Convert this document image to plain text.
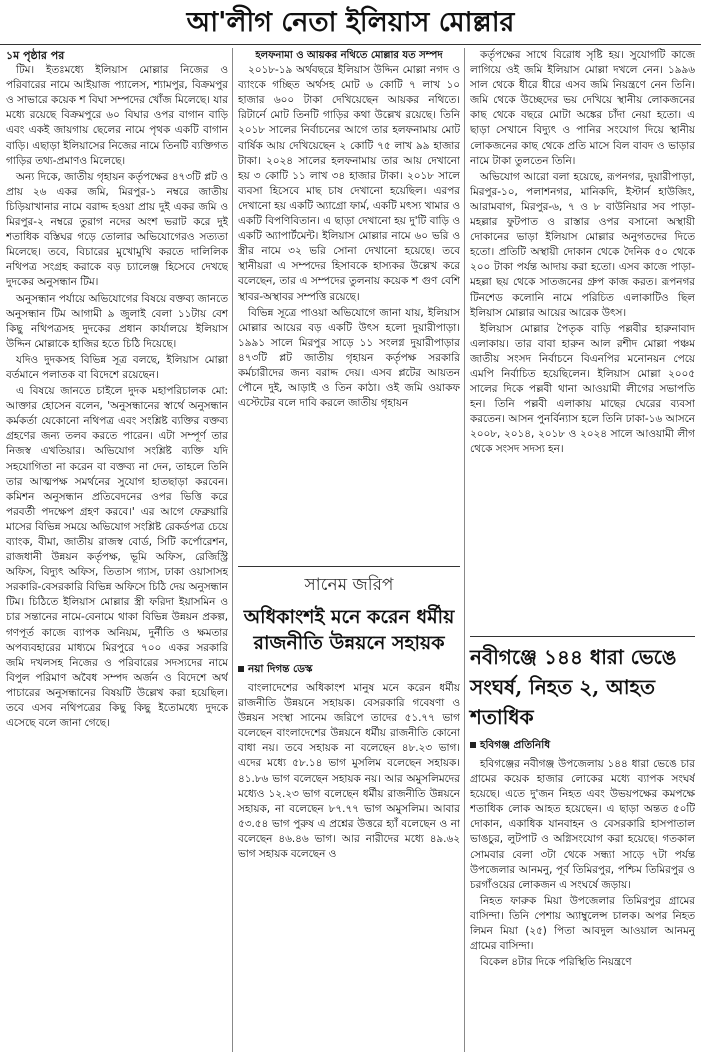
আ'লীগ নেতা ইলিয়াস মোল্লার
১ম পৃষ্ঠার পর

টিম। ইতঃমধ্যে ইলিয়াস মোল্লার নিজের ও পরিবারের নামে আইয়াজ প্যালেস, শ্যামপুর, বিক্রমপুর ও সাভারে কয়েক শ বিঘা সম্পদের খোঁজ মিলেছে। যার মধ্যে রয়েছে বিক্রমপুরে ৬০ বিঘার ওপর বাগান বাড়ি এবং একই জায়গায় ছেলের নামে পৃথক একটি বাগান বাড়ি। এছাড়া ইলিয়াসের নিজের নামে তিনটি ব্যক্তিগত গাড়ির তথ্য-প্রমাণও মিলেছে।

অন্য দিকে, জাতীয় গৃহায়ন কর্তৃপক্ষের ৪৭৩টি প্লট ও প্রায় ২৬ একর জমি, মিরপুর-১ নম্বরে জাতীয় চিড়িয়াখানার নামে বরাদ্দ হওয়া প্রায় দুই একর জমি ও মিরপুর-২ নম্বরে তুরাগ নদের অংশ ভরাট করে দুই শতাধিক বস্তিঘর গড়ে তোলার অভিযোগেরও সত্যতা মিলেছে। তবে, বিচারের মুখোমুখি করতে দালিলিক নথিপত্র সংগ্রহ করাকে বড় চ্যালেঞ্জ হিসেবে দেখছে দুদকের অনুসন্ধান টিম।

অনুসন্ধান পর্যায়ে অভিযোগের বিষয়ে বক্তব্য জানতে অনুসন্ধান টিম আগামী ৯ জুলাই বেলা ১১টায় বেশ কিছু নথিপত্রসহ দুদকের প্রধান কার্যালয়ে ইলিয়াস উদ্দিন মোল্লাকে হাজির হতে চিঠি দিয়েছে।

যদিও দুদকসহ বিভিন্ন সূত্র বলছে, ইলিয়াস মোল্লা বর্তমানে পলাতক বা বিদেশে রয়েছেন।

এ বিষয়ে জানতে চাইলে দুদক মহাপরিচালক মো: আক্তার হোসেন বলেন, 'অনুসন্ধানের স্বার্থে অনুসন্ধান কর্মকর্তা যেকোনো নথিপত্র এবং সংশ্লিষ্ট ব্যক্তির বক্তব্য গ্রহণের জন্য তলব করতে পারেন। এটা সম্পূর্ণ তার নিজস্ব এখতিয়ার। অভিযোগ সংশ্লিষ্ট ব্যক্তি যদি সহযোগিতা না করেন বা বক্তব্য না দেন, তাহলে তিনি তার আত্মপক্ষ সমর্থনের সুযোগ হাতছাড়া করবেন। কমিশন অনুসন্ধান প্রতিবেদনের ওপর ভিত্তি করে পরবর্তী পদক্ষেপ গ্রহণ করবে।' এর আগে ফেব্রুয়ারি মাসের বিভিন্ন সময়ে অভিযোগ সংশ্লিষ্ট রেকর্ডপত্র চেয়ে ব্যাংক, বীমা, জাতীয় রাজস্ব বোর্ড, সিটি কর্পোরেশন, রাজধানী উন্নয়ন কর্তৃপক্ষ, ভূমি অফিস, রেজিস্ট্রি অফিস, বিদ্যুৎ অফিস, তিতাস গ্যাস, ঢাকা ওয়াসাসহ সরকারি-বেসরকারি বিভিন্ন অফিসে চিঠি দেয় অনুসন্ধান টিম। চিঠিতে ইলিয়াস মোল্লার স্ত্রী ফরিদা ইয়াসমিন ও চার সন্তানের নামে-বেনামে থাকা বিভিন্ন উন্নয়ন প্রকল্প, গণপূর্ত কাজে ব্যাপক অনিয়ম, দুর্নীতি ও ক্ষমতার অপব্যবহারের মাধ্যমে মিরপুরে ৭০০ একর সরকারি জমি দখলসহ নিজের ও পরিবারের সদস্যদের নামে বিপুল পরিমাণ অবৈধ সম্পদ অর্জন ও বিদেশে অর্থ পাচারের অনুসন্ধানের বিষয়টি উল্লেখ করা হয়েছিল। তবে এসব নথিপত্রের কিছু কিছু ইতোমধ্যে দুদকে এসেছে বলে জানা গেছে।

হলফনামা ও আয়কর নথিতে মোল্লার যত সম্পদ

২০১৮-১৯ অর্থবছরে ইলিয়াস উদ্দিন মোল্লা নগদ ও ব্যাংকে গচ্ছিত অর্থসহ মোট ৬ কোটি ৭ লাখ ১০ হাজার ৬০০ টাকা দেখিয়েছেন আয়কর নথিতে। রিটার্নে মোট তিনটি গাড়ির কথা উল্লেখ রয়েছে। তিনি ২০১৮ সালের নির্বাচনের আগে তার হলফনামায় মোট বার্ষিক আয় দেখিয়েছেন ২ কোটি ৭৫ লাখ ৯৯ হাজার টাকা। ২০২৪ সালের হলফনামায় তার আয় দেখানো হয় ৩ কোটি ১১ লাখ ৩৪ হাজার টাকা। ২০১৮ সালে ব্যবসা হিসেবে মাছ চাষ দেখানো হয়েছিল। এরপর দেখানো হয় একটি অ্যাগ্রো ফার্ম, একটি মৎস্য খামার ও একটি বিপণিবিতান। এ ছাড়া দেখানো হয় দু'টি বাড়ি ও একটি অ্যাপার্টমেন্ট। ইলিয়াস মোল্লার নামে ৬০ ভরি ও স্ত্রীর নামে ৩২ ভরি সোনা দেখানো হয়েছে। তবে স্থানীয়রা এ সম্পদের হিসাবকে হাস্যকর উল্লেখ করে বলেছেন, তার এ সম্পদের তুলনায় কয়েক শ গুণ বেশি স্থাবর-অস্থাবর সম্পত্তি রয়েছে।

বিভিন্ন সূত্রে পাওয়া অভিযোগে জানা যায়, ইলিয়াস মোল্লার আয়ের বড় একটি উৎস হলো দুয়ারীপাড়া। ১৯৯১ সালে মিরপুর সাড়ে ১১ সংলগ্ন দুয়ারীপাড়ার ৪৭৩টি প্লট জাতীয় গৃহায়ন কর্তৃপক্ষ সরকারি কর্মচারীদের জন্য বরাদ্দ দেয়। এসব প্লটের আয়তন পৌনে দুই, আড়াই ও তিন কাঠা। ওই জমি ওয়াকফ এস্টেটের বলে দাবি করলে জাতীয় গৃহায়ন

কর্তৃপক্ষের সাথে বিরোধ সৃষ্টি হয়। সুযোগটি কাজে লাগিয়ে ওই জমি ইলিয়াস মোল্লা দখলে নেন। ১৯৯৬ সাল থেকে ধীরে ধীরে এসব জমি নিয়ন্ত্রণে নেন তিনি। জমি থেকে উচ্ছেদের ভয় দেখিয়ে স্থানীয় লোকজনের কাছ থেকে বছরে মোটা অঙ্কের চাঁদা নেয়া হতো। এ ছাড়া সেখানে বিদ্যুৎ ও পানির সংযোগ দিয়ে স্থানীয় লোকজনের কাছ থেকে প্রতি মাসে বিল বাবদ ও ভাড়ার নামে টাকা তুলতেন তিনি।

অভিযোগ আরো বলা হয়েছে, রূপনগর, দুয়ারীপাড়া, মিরপুর-১০, পলাশনগর, মানিকদি, ইস্টার্ন হাউজিং, আরামবাগ, মিরপুর-৬, ৭ ও ৮ বাউনিয়ার সব পাড়া-মহল্লার ফুটপাত ও রাস্তার ওপর বসানো অস্থায়ী দোকানের ভাড়া ইলিয়াস মোল্লার অনুগতদের দিতে হতো। প্রতিটি অস্থায়ী দোকান থেকে দৈনিক ৫০ থেকে ২০০ টাকা পর্যন্ত আদায় করা হতো। এসব কাজে পাড়া-মহল্লা ছয় থেকে সাতজনের গ্রুপ কাজ করত। রূপনগর টিনশেড কলোনি নামে পরিচিত এলাকাটিও ছিল ইলিয়াস মোল্লার আয়ের আরেক উৎস।

ইলিয়াস মোল্লার পৈতৃক বাড়ি পল্লবীর হারুনাবাদ এলাকায়। তার বাবা হারুন আল রশীদ মোল্লা পঞ্চম জাতীয় সংসদ নির্বাচনে বিএনপির মনোনয়ন পেয়ে এমপি নির্বাচিত হয়েছিলেন। ইলিয়াস মোল্লা ২০০৫ সালের দিকে পল্লবী থানা আওয়ামী লীগের সভাপতি হন। তিনি পল্লবী এলাকায় মাছের ঘেরের ব্যবসা করতেন। আসন পুনর্বিন্যাস হলে তিনি ঢাকা-১৬ আসনে ২০০৮, ২০১৪, ২০১৮ ও ২০২৪ সালে আওয়ামী লীগ থেকে সংসদ সদস্য হন।

সানেম জরিপ
অধিকাংশই মনে করেন ধর্মীয় রাজনীতি উন্নয়নে সহায়ক
নয়া দিগন্ত ডেস্ক

বাংলাদেশের অধিকাংশ মানুষ মনে করেন ধর্মীয় রাজনীতি উন্নয়নে সহায়ক। বেসরকারি গবেষণা ও উন্নয়ন সংস্থা সানেম জরিপে তাদের ৫১.৭৭ ভাগ বলেছেন বাংলাদেশের উন্নয়নে ধর্মীয় রাজনীতি কোনো বাধা নয়। তবে সহায়ক না বলেছেন ৪৮.২৩ ভাগ। এদের মধ্যে ৫৮.১৪ ভাগ মুসলিম বলেছেন সহায়ক। ৪১.৮৬ ভাগ বলেছেন সহায়ক নয়। আর অমুসলিমদের মধ্যেও ১২.২৩ ভাগ বলেছেন ধর্মীয় রাজনীতি উন্নয়নে সহায়ক, না বলেছেন ৮৭.৭৭ ভাগ অমুসলিম। আবার ৫৩.৫৪ ভাগ পুরুষ এ প্রশ্নের উত্তরে হ্যাঁ বলেছেন ও না বলেছেন ৪৬.৪৬ ভাগ। আর নারীদের মধ্যে ৪৯.৬২ ভাগ সহায়ক বলেছেন ও

নবীগঞ্জে ১৪৪ ধারা ভেঙে সংঘর্ষ, নিহত ২, আহত শতাধিক
হবিগঞ্জ প্রতিনিধি

হবিগঞ্জের নবীগঞ্জ উপজেলায় ১৪৪ ধারা ভেঙে চার গ্রামের কয়েক হাজার লোকের মধ্যে ব্যাপক সংঘর্ষ হয়েছে। এতে দু'জন নিহত এবং উভয়পক্ষের কমপক্ষে শতাধিক লোক আহত হয়েছেন। এ ছাড়া অন্তত ৫০টি দোকান, একাধিক যানবাহন ও বেসরকারি হাসপাতাল ভাঙচুর, লুটপাট ও অগ্নিসংযোগ করা হয়েছে। গতকাল সোমবার বেলা ৩টা থেকে সন্ধ্যা সাড়ে ৭টা পর্যন্ত উপজেলার আনমনু, পূর্ব তিমিরপুর, পশ্চিম তিমিরপুর ও চরগাঁওয়ের লোকজন এ সংঘর্ষে জড়ায়।

নিহত ফারুক মিয়া উপজেলার তিমিরপুর গ্রামের বাসিন্দা। তিনি পেশায় অ্যাম্বুলেন্স চালক। অপর নিহত লিমন মিয়া (২৫) পিতা আবদুল আওয়াল আনমনু গ্রামের বাসিন্দা।

বিকেল ৪টার দিকে পরিস্থিতি নিয়ন্ত্রণে
